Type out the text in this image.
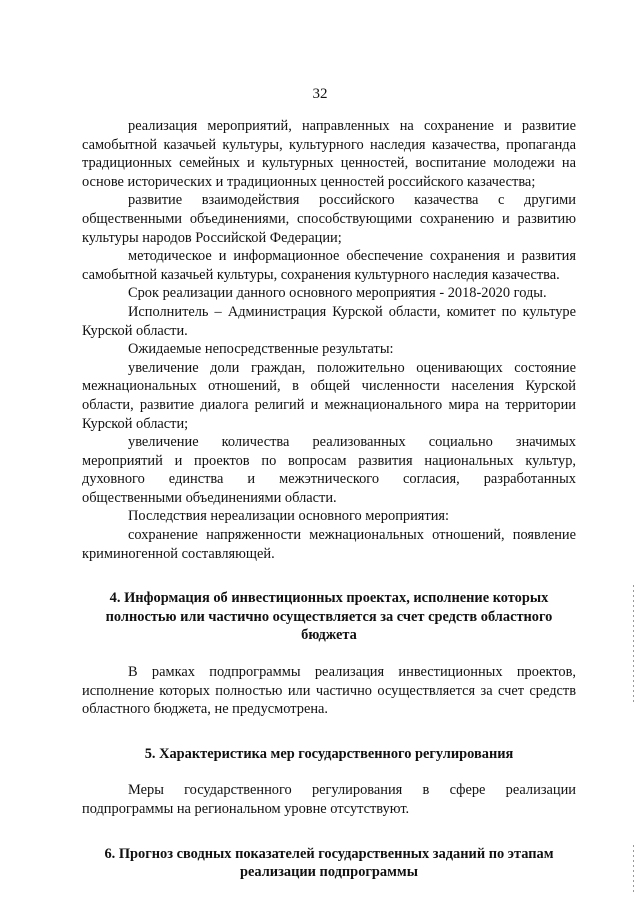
32

реализация мероприятий, направленных на сохранение и развитие самобытной казачьей культуры, культурного наследия казачества, пропаганда традиционных семейных и культурных ценностей, воспитание молодежи на основе исторических и традиционных ценностей российского казачества;

развитие взаимодействия российского казачества с другими общественными объединениями, способствующими сохранению и развитию культуры народов Российской Федерации;

методическое и информационное обеспечение сохранения и развития самобытной казачьей культуры, сохранения культурного наследия казачества.

Срок реализации данного основного мероприятия - 2018-2020 годы.

Исполнитель – Администрация Курской области, комитет по культуре Курской области.

Ожидаемые непосредственные результаты:

увеличение доли граждан, положительно оценивающих состояние межнациональных отношений, в общей численности населения Курской области, развитие диалога религий и межнационального мира на территории Курской области;

увеличение количества реализованных социально значимых мероприятий и проектов по вопросам развития национальных культур, духовного единства и межэтнического согласия, разработанных общественными объединениями области.

Последствия нереализации основного мероприятия:

сохранение напряженности межнациональных отношений, появление криминогенной составляющей.

4. Информация об инвестиционных проектах, исполнение которых полностью или частично осуществляется за счет средств областного бюджета

В рамках подпрограммы реализация инвестиционных проектов, исполнение которых полностью или частично осуществляется за счет средств областного бюджета, не предусмотрена.

5. Характеристика мер государственного регулирования

Меры государственного регулирования в сфере реализации подпрограммы на региональном уровне отсутствуют.

6. Прогноз сводных показателей государственных заданий по этапам реализации подпрограммы
